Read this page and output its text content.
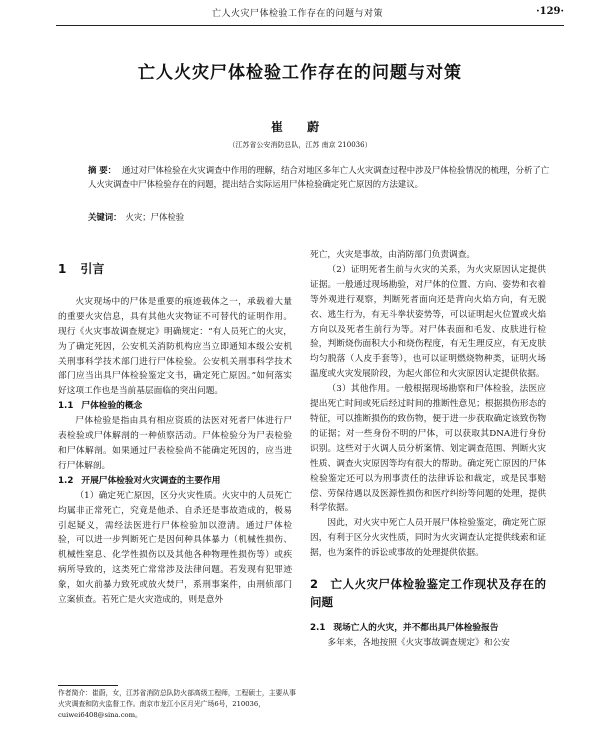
亡人火灾尸体检验工作存在的问题与对策	·129·
亡人火灾尸体检验工作存在的问题与对策
崔 蔚
（江苏省公安消防总队，江苏 南京 210036）
摘 要： 通过对尸体检验在火灾调查中作用的理解，结合对地区多年亡人火灾调查过程中涉及尸体检验情况的梳理，分析了亡人火灾调查中尸体检验存在的问题，提出结合实际运用尸体检验确定死亡原因的方法建议。
关键词： 火灾；尸体检验
1 引言

火灾现场中的尸体是重要的痕迹载体之一，承载着大量的重要火灾信息，具有其他火灾物证不可替代的证明作用。现行《火灾事故调查规定》明确规定：“有人员死亡的火灾，为了确定死因，公安机关消防机构应当立即通知本级公安机关刑事科学技术部门进行尸体检验。公安机关刑事科学技术部门应当出具尸体检验鉴定文书，确定死亡原因。”如何落实好这项工作也是当前基层面临的突出问题。

1.1 尸体检验的概念

尸体检验是指由具有相应资质的法医对死者尸体进行尸表检验或尸体解剖的一种侦察活动。尸体检验分为尸表检验和尸体解剖。如果通过尸表检验尚不能确定死因的，应当进行尸体解剖。

1.2 开展尸体检验对火灾调查的主要作用

（1）确定死亡原因，区分火灾性质。火灾中的人员死亡均属非正常死亡，究竟是他杀、自杀还是事故造成的，极易引起疑义，需经法医进行尸体检验加以澄清。通过尸体检验，可以进一步判断死亡是因何种具体暴力（机械性损伤、机械性窒息、化学性损伤以及其他各种物理性损伤等）或疾病所导致的，这类死亡常常涉及法律问题。若发现有犯罪迹象，如火前暴力致死或放火焚尸，系刑事案件，由刑侦部门立案侦查。若死亡是火灾造成的，则是意外

死亡，火灾是事故，由消防部门负责调查。

（2）证明死者生前与火灾的关系，为火灾原因认定提供证据。一般通过现场勘验，对尸体的位置、方向、姿势和衣着等外观进行观察，判断死者面向还是背向火焰方向，有无脱衣、逃生行为，有无斗拳状姿势等，可以证明起火位置或火焰方向以及死者生前行为等。对尸体表面和毛发、皮肤进行检验，判断烧伤面积大小和烧伤程度，有无生理反应，有无皮肤均匀脱落（人皮手套等），也可以证明燃烧物种类，证明火场温度或火灾发展阶段，为起火部位和火灾原因认定提供依据。

（3）其他作用。一般根据现场勘察和尸体检验，法医应提出死亡时间或死后经过时间的推断性意见；根据损伤形态的特征，可以推断损伤的致伤物，便于进一步获取确定该致伤物的证据；对一些身份不明的尸体，可以获取其DNA进行身份识别。这些对于火调人员分析案情、划定调查范围、判断火灾性质、调查火灾原因等均有很大的帮助。确定死亡原因的尸体检验鉴定还可以为刑事责任的法律诉讼和裁定，或是民事赔偿、劳保待遇以及医源性损伤和医疗纠纷等问题的处理，提供科学依据。

因此，对火灾中死亡人员开展尸体检验鉴定，确定死亡原因，有利于区分火灾性质，同时为火灾调查认定提供线索和证据，也为案件的诉讼或事故的处理提供依据。

2 亡人火灾尸体检验鉴定工作现状及存在的问题
2.1 现场亡人的火灾，并不都出具尸体检验报告

多年来，各地按照《火灾事故调查规定》和公安

作者简介：崔蔚，女，江苏省消防总队防火部高级工程师，工程硕士，主要从事火灾调查和防火监督工作。南京市龙江小区月光广场6号，210036，cuiwei6408@sina.com。
